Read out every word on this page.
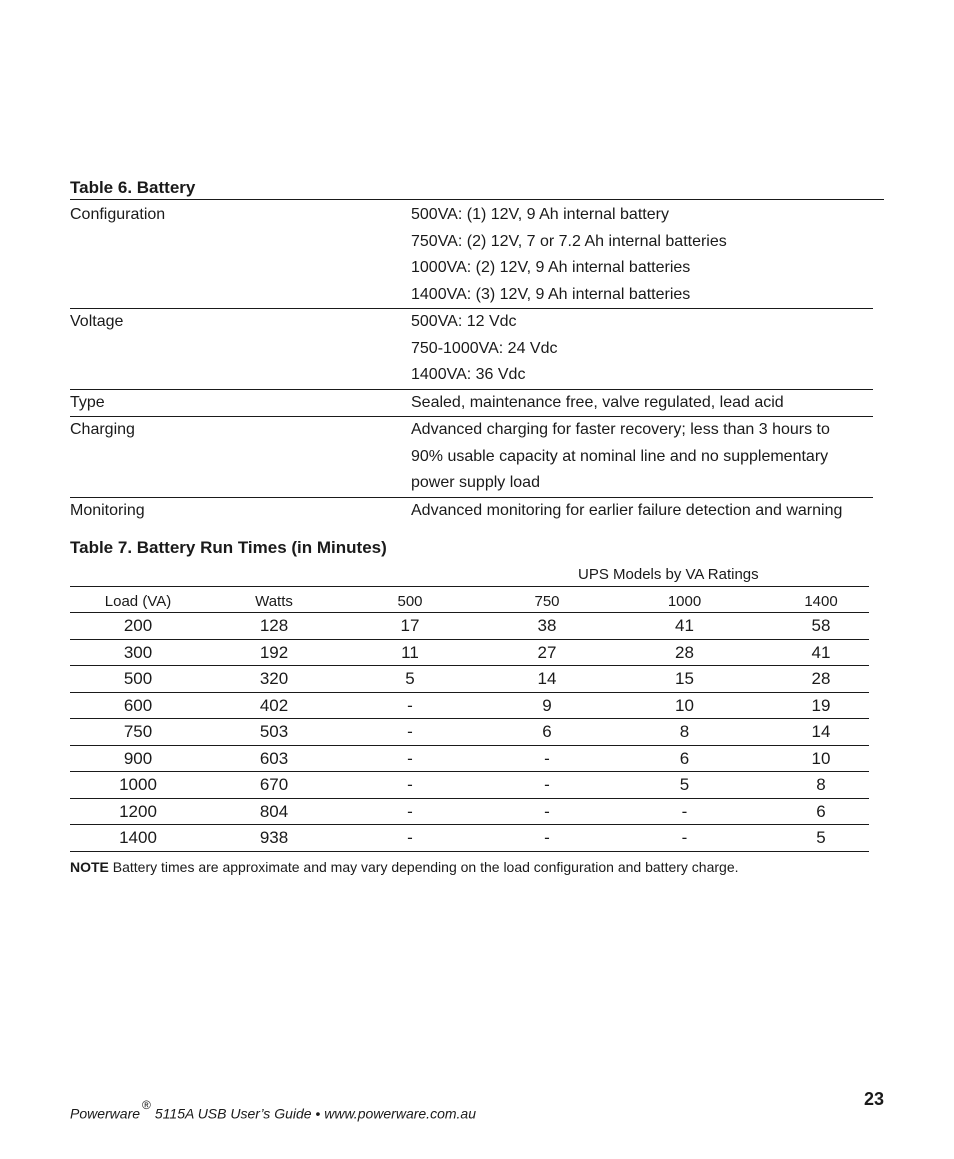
Table 6. Battery
Configuration	500VA: (1) 12V, 9 Ah internal battery
750VA: (2) 12V, 7 or 7.2 Ah internal batteries
1000VA: (2) 12V, 9 Ah internal batteries
1400VA: (3) 12V, 9 Ah internal batteries
Voltage	500VA: 12 Vdc
750-1000VA: 24 Vdc
1400VA: 36 Vdc
Type	Sealed, maintenance free, valve regulated, lead acid
Charging	Advanced charging for faster recovery; less than 3 hours to
90% usable capacity at nominal line and no supplementary
power supply load
Monitoring	Advanced monitoring for earlier failure detection and warning
Table 7. Battery Run Times (in Minutes)
UPS Models by VA Ratings
Load (VA)	Watts	500	750	1000	1400
200	128	17	38	41	58
300	192	11	27	28	41
500	320	5	14	15	28
600	402	-	9	10	19
750	503	-	6	8	14
900	603	-	-	6	10
1000	670	-	-	5	8
1200	804	-	-	-	6
1400	938	-	-	-	5
NOTE Battery times are approximate and may vary depending on the load configuration and battery charge.
Powerware®5115A USB User’s Guide • www.powerware.com.au
23
